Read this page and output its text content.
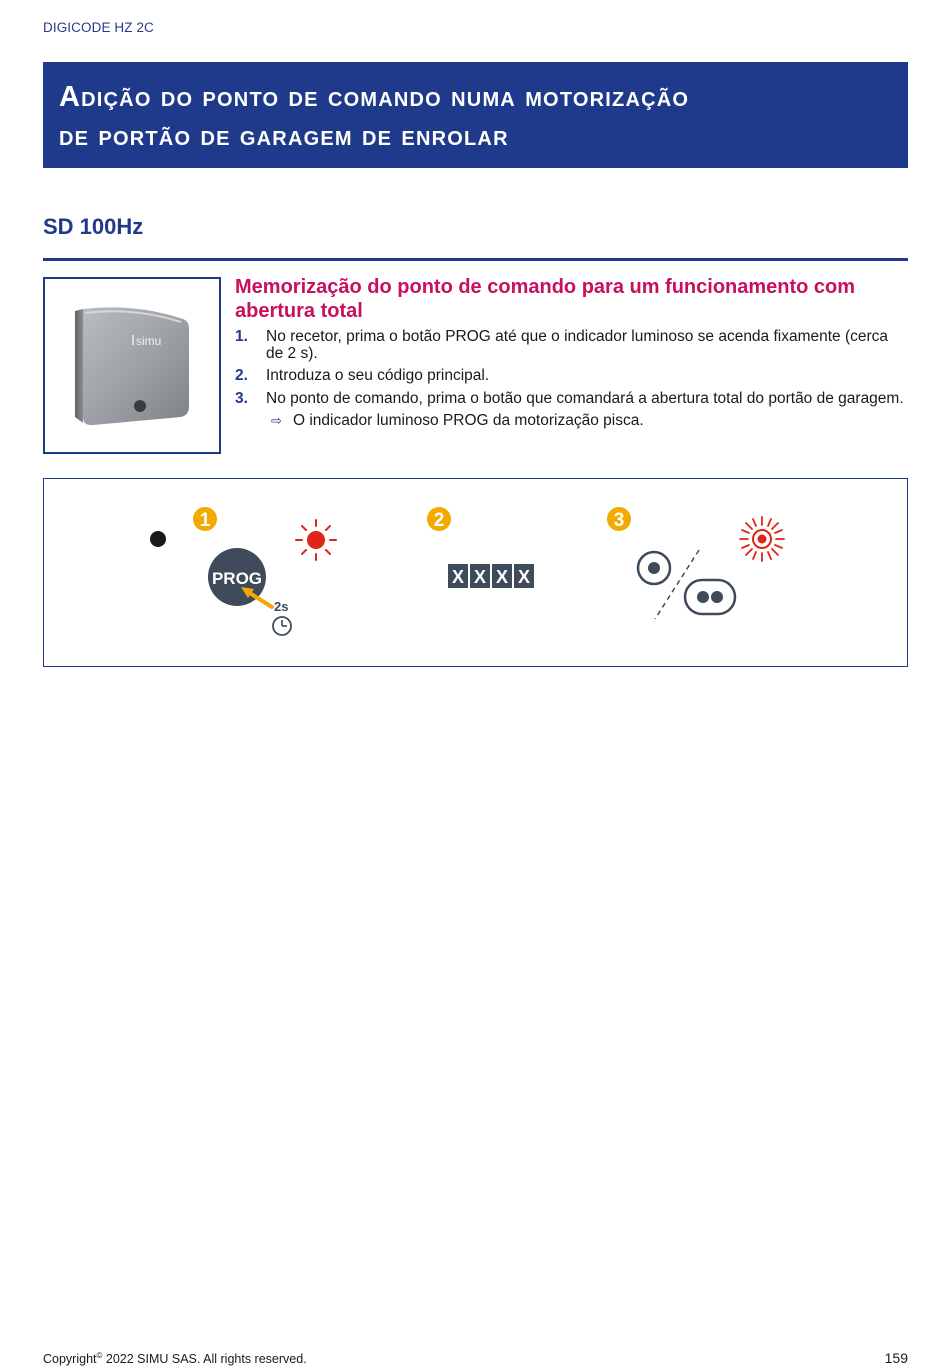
DIGICODE HZ 2C
Adição do ponto de comando numa motorização
de portão de garagem de enrolar
SD 100Hz
simu
Memorização do ponto de comando para um funcionamento com abertura total
1. No recetor, prima o botão PROG até que o indicador luminoso se acenda fixamente (cerca de 2 s).
2. Introduza o seu código principal.
3. No ponto de comando, prima o botão que comandará a abertura total do portão de garagem.
⇨ O indicador luminoso PROG da motorização pisca.
1
PROG
2s
2
X X X X
3
Copyright© 2022 SIMU SAS. All rights reserved.	159
